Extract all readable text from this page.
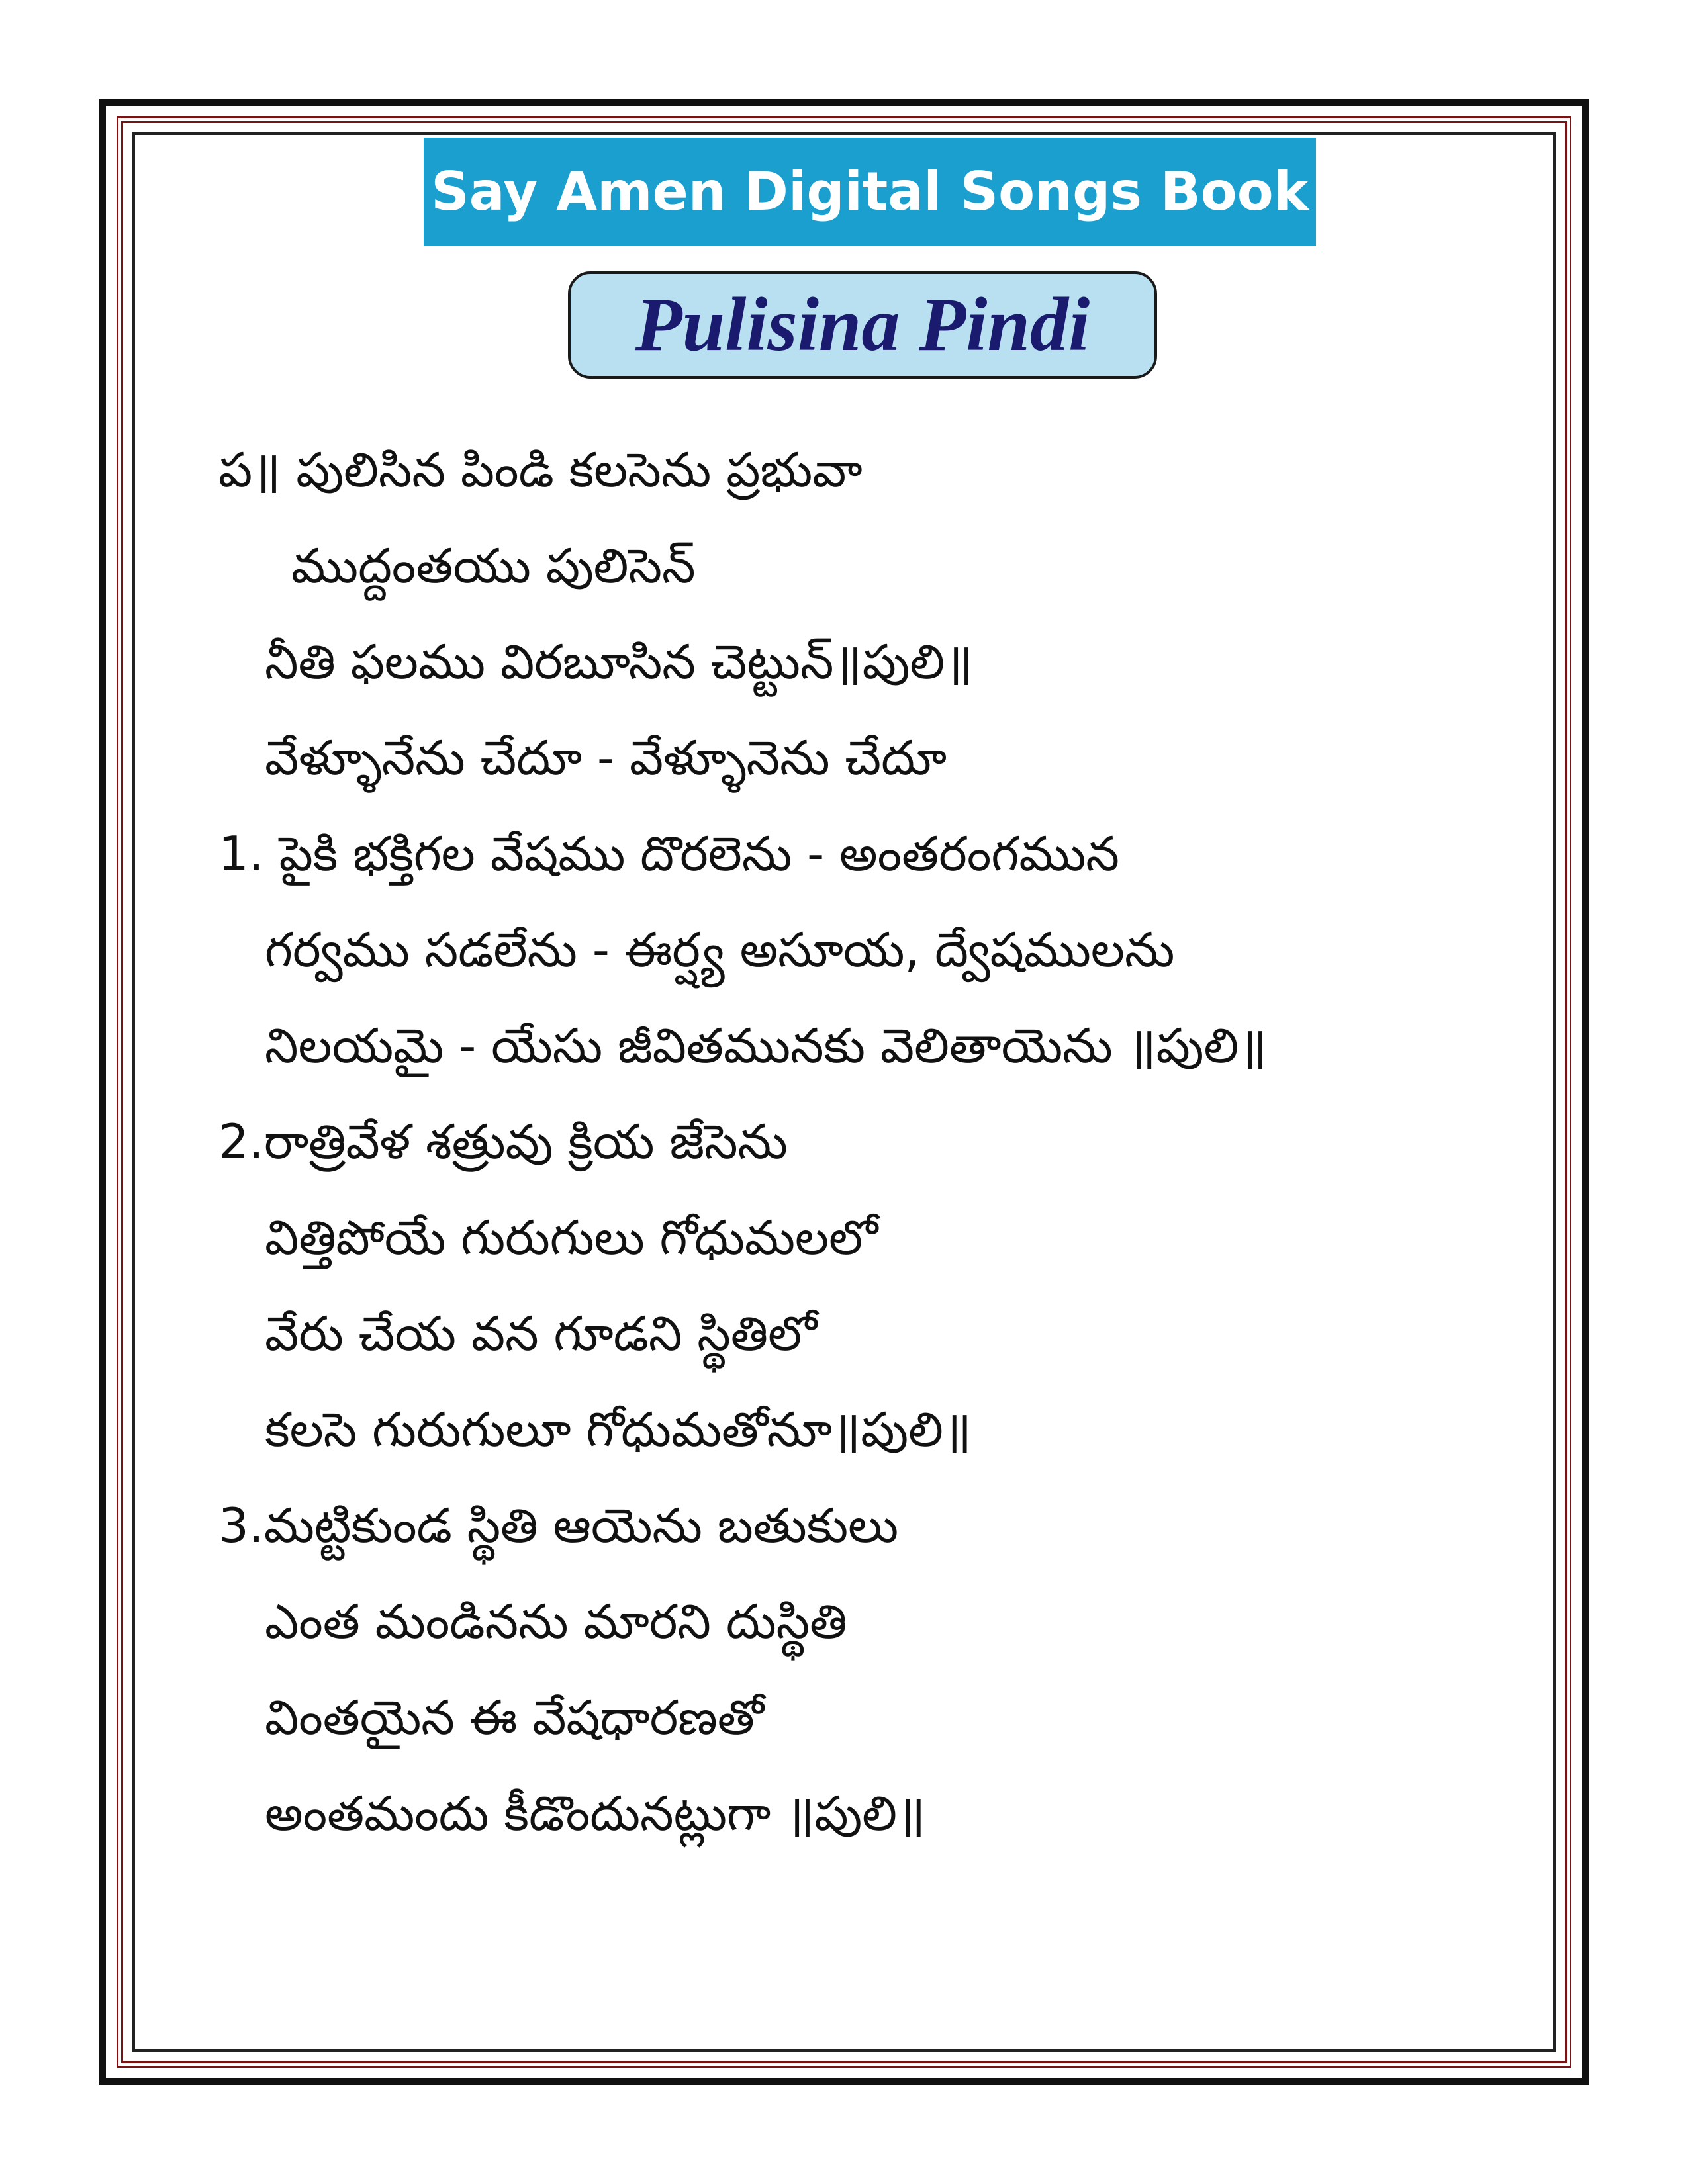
Say Amen Digital Songs Book
Pulisina Pindi
ప॥ పులిసిన పిండి కలసెను ప్రభువా
ముద్దంతయు పులిసెన్
నీతి ఫలము విరబూసిన చెట్టున్॥పులి॥
వేళ్ళూనేను చేదూ - వేళ్ళూనెను చేదూ
1. పైకి భక్తిగల వేషము దొరలెను - అంతరంగమున
గర్వము సడలేను - ఈర్ష్య అసూయ, ద్వేషములను
నిలయమై - యేసు జీవితమునకు వెలితాయెను ॥పులి॥
2.రాత్రివేళ శత్రువు క్రియ జేసెను
విత్తిపోయే గురుగులు గోధుమలలో
వేరు చేయ వన గూడని స్థితిలో
కలసె గురుగులూ గోధుమతోనూ॥పులి॥
3.మట్టికుండ స్థితి ఆయెను బతుకులు
ఎంత మండినను మారని దుస్థితి
వింతయైన ఈ వేషధారణతో
అంతమందు కీడొందునట్లుగా ॥పులి॥
